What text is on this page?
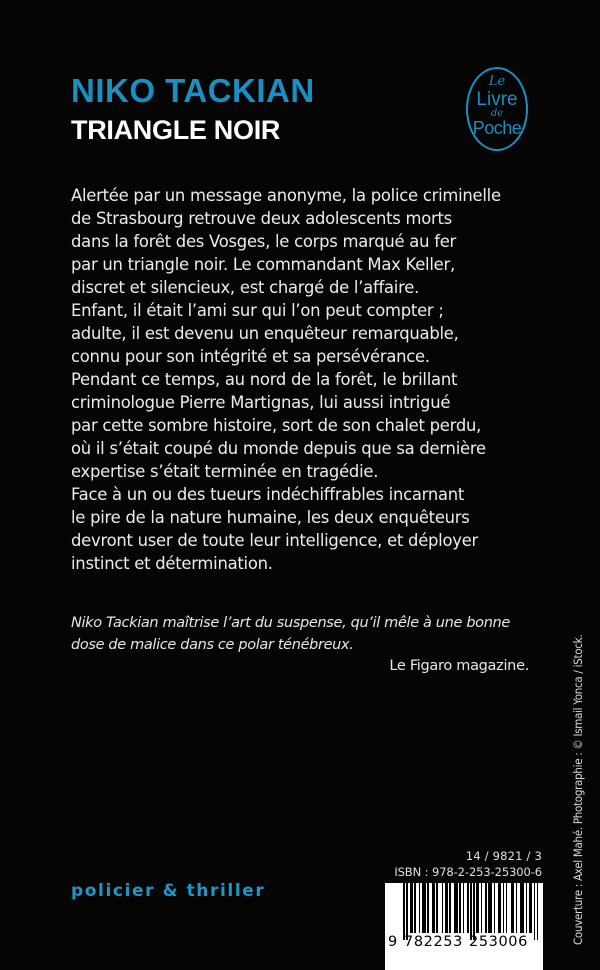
NIKO TACKIAN
TRIANGLE NOIR
Le
Livre
de
Poche
Alertée par un message anonyme, la police criminelle
de Strasbourg retrouve deux adolescents morts
dans la forêt des Vosges, le corps marqué au fer
par un triangle noir. Le commandant Max Keller,
discret et silencieux, est chargé de l’affaire.
Enfant, il était l’ami sur qui l’on peut compter ;
adulte, il est devenu un enquêteur remarquable,
connu pour son intégrité et sa persévérance.
Pendant ce temps, au nord de la forêt, le brillant
criminologue Pierre Martignas, lui aussi intrigué
par cette sombre histoire, sort de son chalet perdu,
où il s’était coupé du monde depuis que sa dernière
expertise s’était terminée en tragédie.
Face à un ou des tueurs indéchiffrables incarnant
le pire de la nature humaine, les deux enquêteurs
devront user de toute leur intelligence, et déployer
instinct et détermination.
Niko Tackian maîtrise l’art du suspense, qu’il mêle à une bonne
dose de malice dans ce polar ténébreux.
Le Figaro magazine.	Couverture : Axel Mahé. Photographie : © Ismail Yonca / iStock.
policier & thriller
14 / 9821 / 3
ISBN : 978-2-253-25300-6
9 782253 253006
